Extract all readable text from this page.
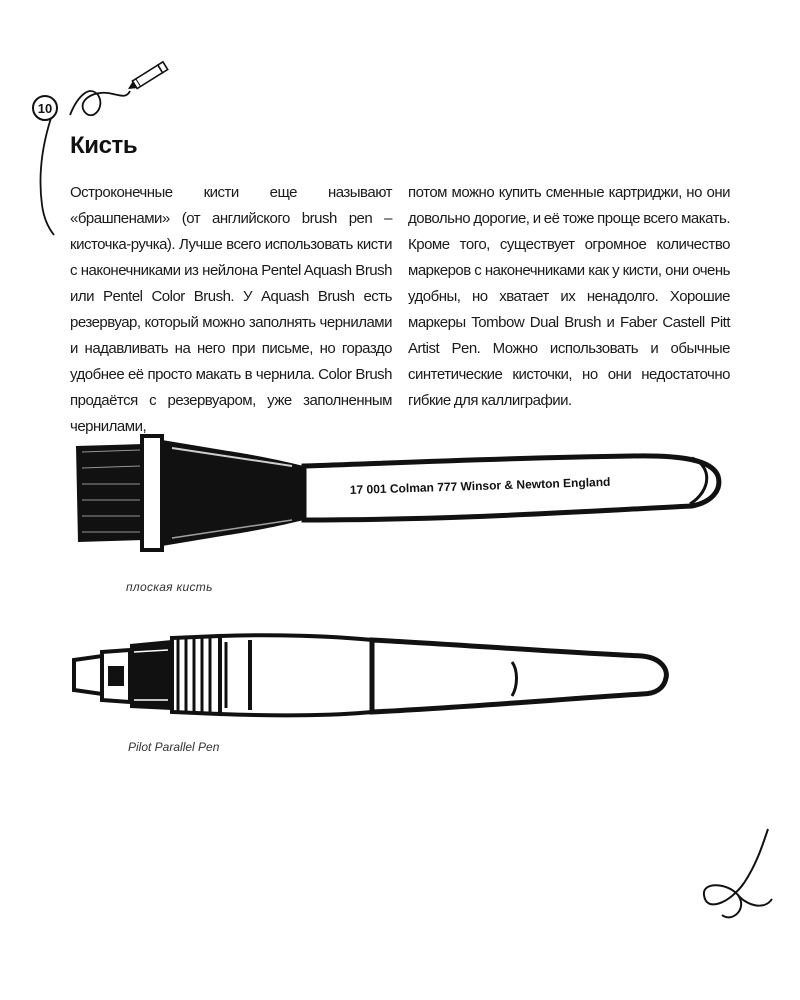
10
Кисть
Остроконечные кисти еще называют «брашпенами» (от английского brush pen – кисточка-ручка). Лучше всего использовать кисти с наконечниками из нейлона Pentel Aquash Brush или Pentel Color Brush. У Aquash Brush есть резервуар, который можно заполнять чернилами и надавливать на него при письме, но гораздо удобнее её просто макать в чернила. Color Brush продаётся с резервуаром, уже заполненным чернилами,
потом можно купить сменные картриджи, но они довольно дорогие, и её тоже проще всего макать. Кроме того, существует огромное количество маркеров с наконечниками как у кисти, они очень удобны, но хватает их ненадолго. Хорошие маркеры Tombow Dual Brush и Faber Castell Pitt Artist Pen. Можно использовать и обычные синтетические кисточки, но они недостаточно гибкие для каллиграфии.
17 001 Colman 777 Winsor & Newton England
плоская кисть
Pilot Parallel Pen
